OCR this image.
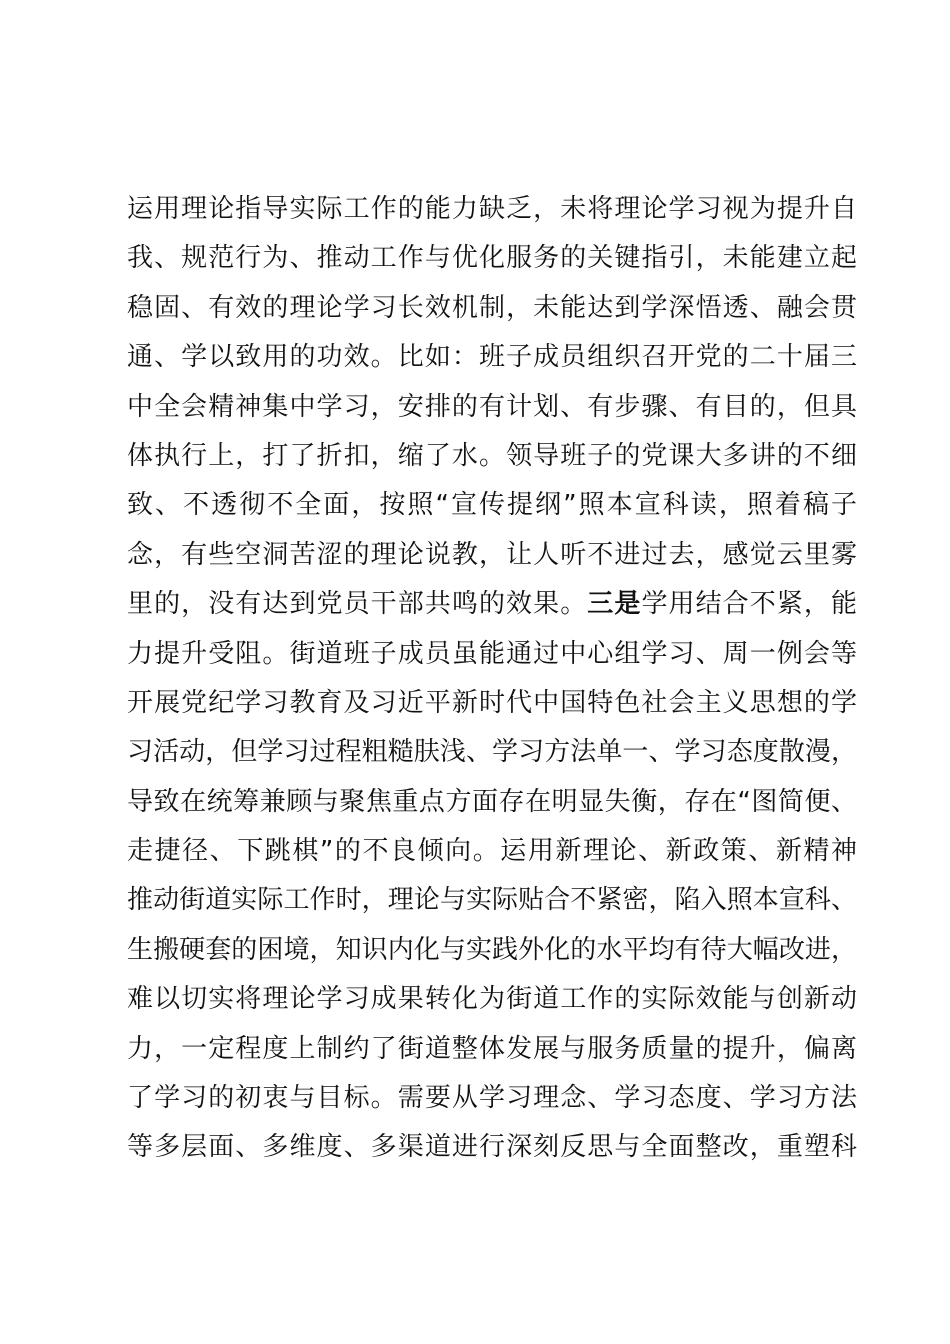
运用理论指导实际工作的能力缺乏，未将理论学习视为提升自
我、规范行为、推动工作与优化服务的关键指引，未能建立起
稳固、有效的理论学习长效机制，未能达到学深悟透、融会贯
通、学以致用的功效。比如：班子成员组织召开党的二十届三
中全会精神集中学习，安排的有计划、有步骤、有目的，但具
体执行上，打了折扣，缩了水。领导班子的党课大多讲的不细
致、不透彻不全面，按照“宣传提纲”照本宣科读，照着稿子
念，有些空洞苦涩的理论说教，让人听不进过去，感觉云里雾
里的，没有达到党员干部共鸣的效果。三是学用结合不紧，能
力提升受阻。街道班子成员虽能通过中心组学习、周一例会等
开展党纪学习教育及习近平新时代中国特色社会主义思想的学
习活动，但学习过程粗糙肤浅、学习方法单一、学习态度散漫，
导致在统筹兼顾与聚焦重点方面存在明显失衡，存在“图简便、
走捷径、下跳棋”的不良倾向。运用新理论、新政策、新精神
推动街道实际工作时，理论与实际贴合不紧密，陷入照本宣科、
生搬硬套的困境，知识内化与实践外化的水平均有待大幅改进，
难以切实将理论学习成果转化为街道工作的实际效能与创新动
力，一定程度上制约了街道整体发展与服务质量的提升，偏离
了学习的初衷与目标。需要从学习理念、学习态度、学习方法
等多层面、多维度、多渠道进行深刻反思与全面整改，重塑科
